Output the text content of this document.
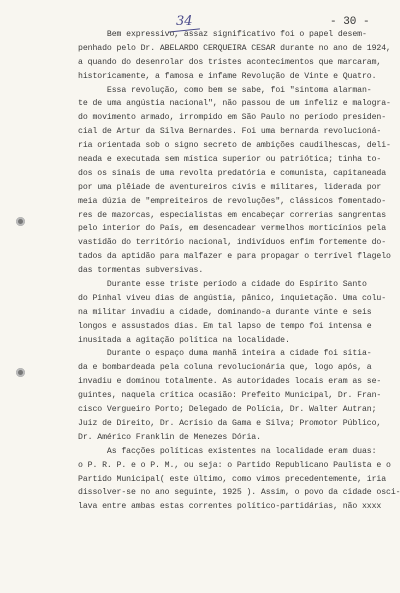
34	- 30 -
Bem expressivo, assaz significativo foi o papel desem-
penhado pelo Dr. ABELARDO CERQUEIRA CESAR durante no ano de 1924,
a quando do desenrolar dos tristes acontecimentos que marcaram,
historicamente, a famosa e infame Revolução de Vinte e Quatro.
Essa revolução, como bem se sabe, foi "sintoma alarman-
te de uma angústia nacional", não passou de um infeliz e malogra-
do movimento armado, irrompido em São Paulo no período presiden-
cial de Artur da Silva Bernardes. Foi uma bernarda revolucioná-
ria orientada sob o signo secreto de ambições caudilhescas, deli-
neada e executada sem mística superior ou patriótica; tinha to-
dos os sinais de uma revolta predatória e comunista, capitaneada
por uma plêiade de aventureiros civis e militares, liderada por
meia dúzia de "empreiteiros de revoluções", clássicos fomentado-
res de mazorcas, especialistas em encabeçar correrias sangrentas
pelo interior do País, em desencadear vermelhos morticínios pela
vastidão do território nacional, indivíduos enfim fortemente do-
tados da aptidão para malfazer e para propagar o terrível flagelo
das tormentas subversivas.
Durante esse triste período a cidade do Espírito Santo
do Pinhal viveu dias de angústia, pânico, inquietação. Uma colu-
na militar invadiu a cidade, dominando-a durante vinte e seis
longos e assustados dias. Em tal lapso de tempo foi intensa e
inusitada a agitação política na localidade.
Durante o espaço duma manhã inteira a cidade foi sitia-
da e bombardeada pela coluna revolucionária que, logo após, a
invadiu e dominou totalmente. As autoridades locais eram as se-
guintes, naquela crítica ocasião: Prefeito Municipal, Dr. Fran-
cisco Vergueiro Porto; Delegado de Polícia, Dr. Walter Autran;
Juiz de Direito, Dr. Acrísio da Gama e Silva; Promotor Público,
Dr. Américo Franklin de Menezes Dória.
As facções políticas existentes na localidade eram duas:
o P. R. P. e o P. M., ou seja: o Partido Republicano Paulista e o
Partido Municipal( este último, como vimos precedentemente, iria
dissolver-se no ano seguinte, 1925 ). Assim, o povo da cidade osci-
lava entre ambas estas correntes político-partidárias, não xxxx
